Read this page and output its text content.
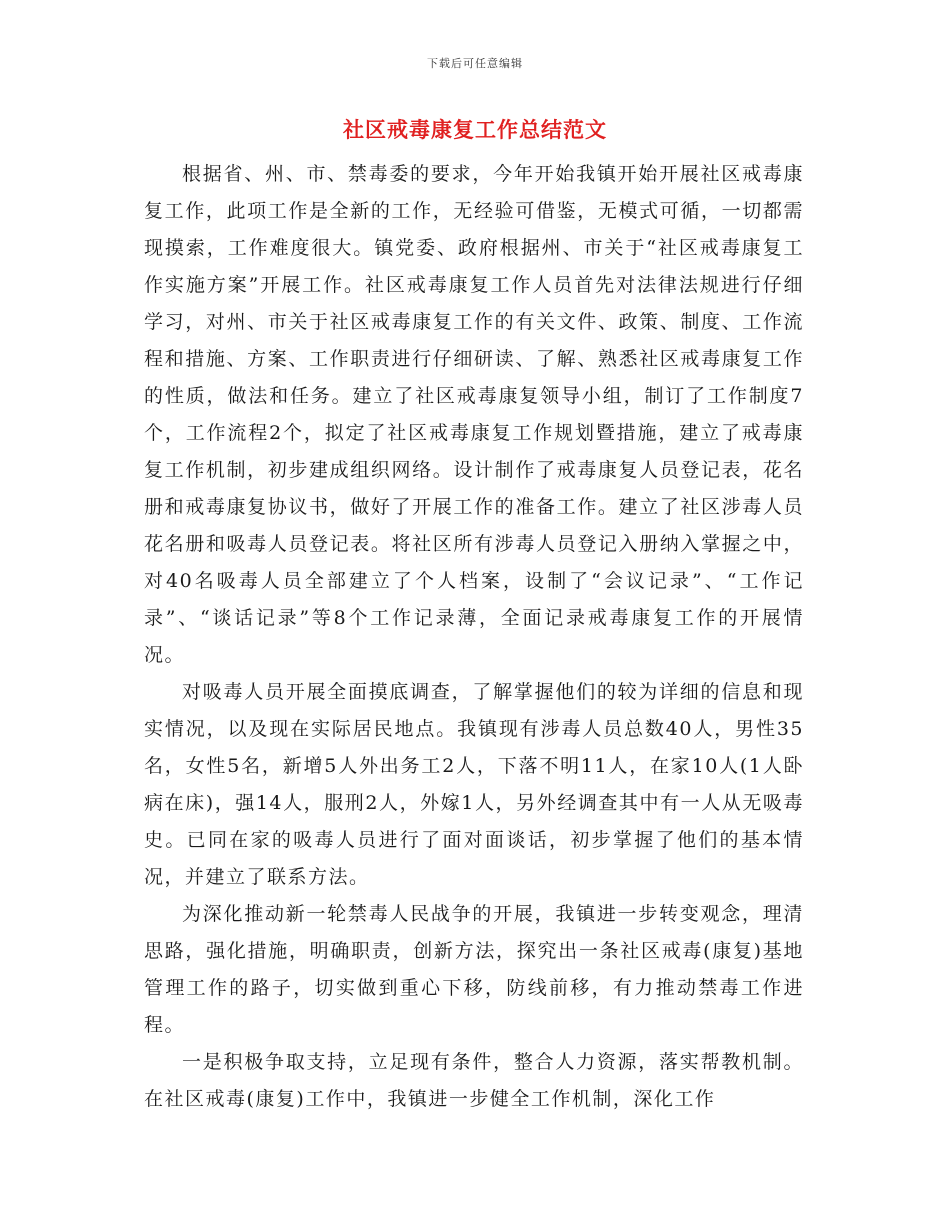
下载后可任意编辑
社区戒毒康复工作总结范文

根据省、州、市、禁毒委的要求，今年开始我镇开始开展社区戒毒康复工作，此项工作是全新的工作，无经验可借鉴，无模式可循，一切都需现摸索，工作难度很大。镇党委、政府根据州、市关于“社区戒毒康复工作实施方案”开展工作。社区戒毒康复工作人员首先对法律法规进行仔细学习，对州、市关于社区戒毒康复工作的有关文件、政策、制度、工作流程和措施、方案、工作职责进行仔细研读、了解、熟悉社区戒毒康复工作的性质，做法和任务。建立了社区戒毒康复领导小组，制订了工作制度7个，工作流程2个，拟定了社区戒毒康复工作规划暨措施，建立了戒毒康复工作机制，初步建成组织网络。设计制作了戒毒康复人员登记表，花名册和戒毒康复协议书，做好了开展工作的准备工作。建立了社区涉毒人员花名册和吸毒人员登记表。将社区所有涉毒人员登记入册纳入掌握之中，对40名吸毒人员全部建立了个人档案，设制了“会议记录”、“工作记录”、“谈话记录”等8个工作记录薄，全面记录戒毒康复工作的开展情况。

对吸毒人员开展全面摸底调查，了解掌握他们的较为详细的信息和现实情况，以及现在实际居民地点。我镇现有涉毒人员总数40人，男性35名，女性5名，新增5人外出务工2人，下落不明11人，在家10人(1人卧病在床)，强14人，服刑2人，外嫁1人，另外经调查其中有一人从无吸毒史。已同在家的吸毒人员进行了面对面谈话，初步掌握了他们的基本情况，并建立了联系方法。

为深化推动新一轮禁毒人民战争的开展，我镇进一步转变观念，理清思路，强化措施，明确职责，创新方法，探究出一条社区戒毒(康复)基地管理工作的路子，切实做到重心下移，防线前移，有力推动禁毒工作进程。

一是积极争取支持，立足现有条件，整合人力资源，落实帮教机制。在社区戒毒(康复)工作中，我镇进一步健全工作机制，深化工作
